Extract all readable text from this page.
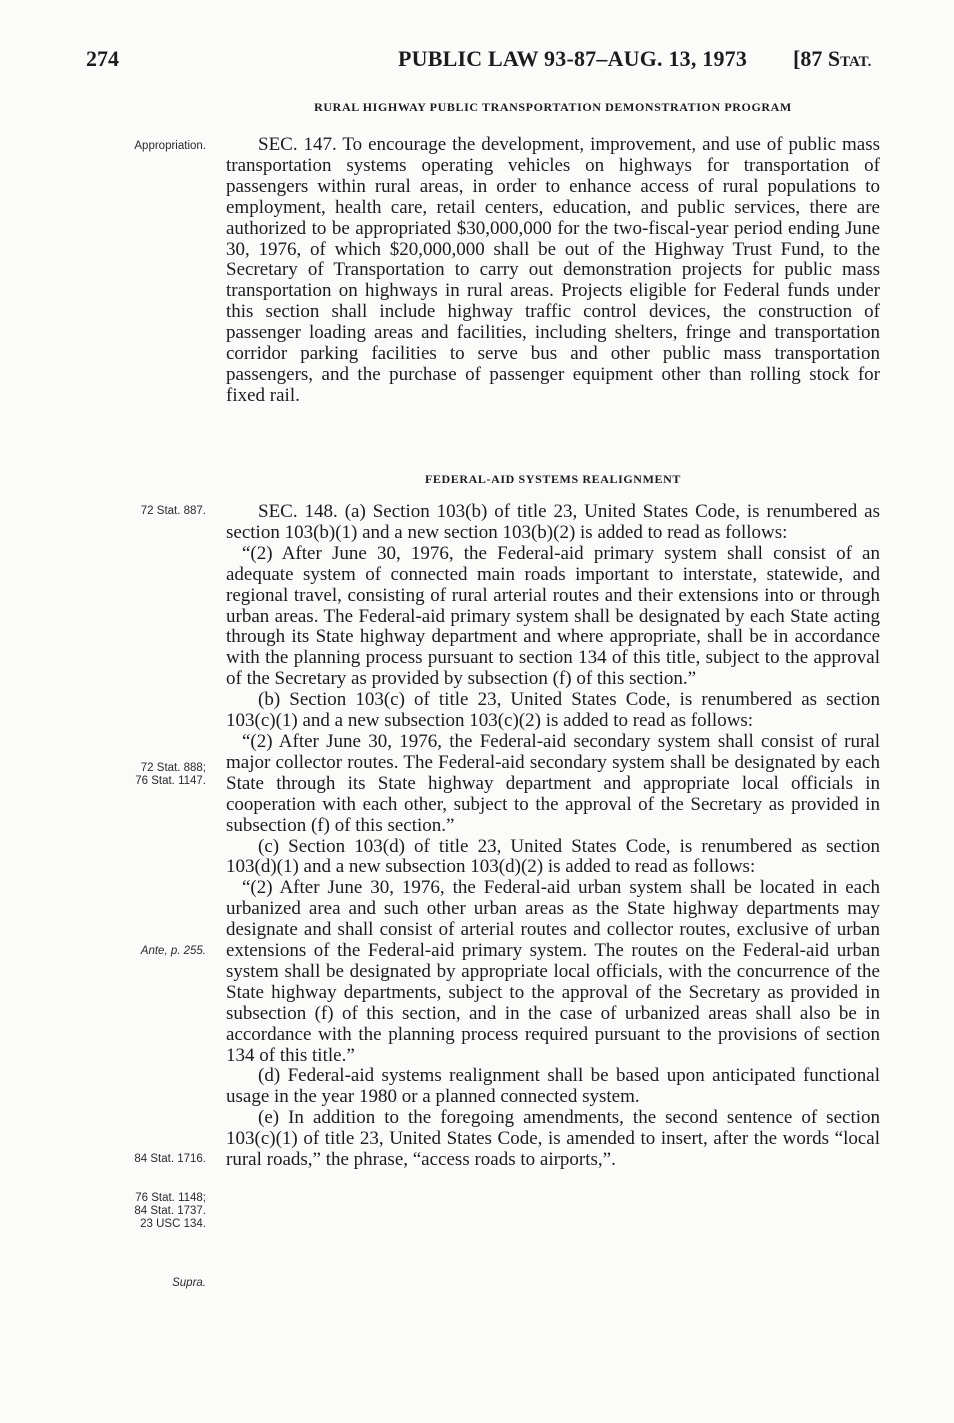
274	PUBLIC LAW 93-87–AUG. 13, 1973 [87 STAT.
RURAL HIGHWAY PUBLIC TRANSPORTATION DEMONSTRATION PROGRAM

SEC. 147. To encourage the development, improvement, and use of public mass transportation systems operating vehicles on highways for transportation of passengers within rural areas, in order to enhance access of rural populations to employment, health care, retail centers, education, and public services, there are authorized to be appropriated $30,000,000 for the two-fiscal-year period ending June 30, 1976, of which $20,000,000 shall be out of the Highway Trust Fund, to the Secretary of Transportation to carry out demonstration projects for public mass transportation on highways in rural areas. Projects eligible for Federal funds under this section shall include highway traffic control devices, the construction of passenger loading areas and facilities, including shelters, fringe and transportation corridor parking facilities to serve bus and other public mass transportation passengers, and the purchase of passenger equipment other than rolling stock for fixed rail.

FEDERAL-AID SYSTEMS REALIGNMENT

SEC. 148. (a) Section 103(b) of title 23, United States Code, is renumbered as section 103(b)(1) and a new section 103(b)(2) is added to read as follows:

“(2) After June 30, 1976, the Federal-aid primary system shall consist of an adequate system of connected main roads important to interstate, statewide, and regional travel, consisting of rural arterial routes and their extensions into or through urban areas. The Federal-aid primary system shall be designated by each State acting through its State highway department and where appropriate, shall be in accordance with the planning process pursuant to section 134 of this title, subject to the approval of the Secretary as provided by subsection (f) of this section.”

(b) Section 103(c) of title 23, United States Code, is renumbered as section 103(c)(1) and a new subsection 103(c)(2) is added to read as follows:

“(2) After June 30, 1976, the Federal-aid secondary system shall consist of rural major collector routes. The Federal-aid secondary system shall be designated by each State through its State highway department and appropriate local officials in cooperation with each other, subject to the approval of the Secretary as provided in subsection (f) of this section.”

(c) Section 103(d) of title 23, United States Code, is renumbered as section 103(d)(1) and a new subsection 103(d)(2) is added to read as follows:

“(2) After June 30, 1976, the Federal-aid urban system shall be located in each urbanized area and such other urban areas as the State highway departments may designate and shall consist of arterial routes and collector routes, exclusive of urban extensions of the Federal-aid primary system. The routes on the Federal-aid urban system shall be designated by appropriate local officials, with the concurrence of the State highway departments, subject to the approval of the Secretary as provided in subsection (f) of this section, and in the case of urbanized areas shall also be in accordance with the planning process required pursuant to the provisions of section 134 of this title.”

(d) Federal-aid systems realignment shall be based upon anticipated functional usage in the year 1980 or a planned connected system.

(e) In addition to the foregoing amendments, the second sentence of section 103(c)(1) of title 23, United States Code, is amended to insert, after the words “local rural roads,” the phrase, “access roads to airports,”.

Appropriation.
72 Stat. 887.
72 Stat. 888;
76 Stat. 1147.
Ante, p. 255.
84 Stat. 1716.
76 Stat. 1148;
84 Stat. 1737.
23 USC 134.
Supra.
